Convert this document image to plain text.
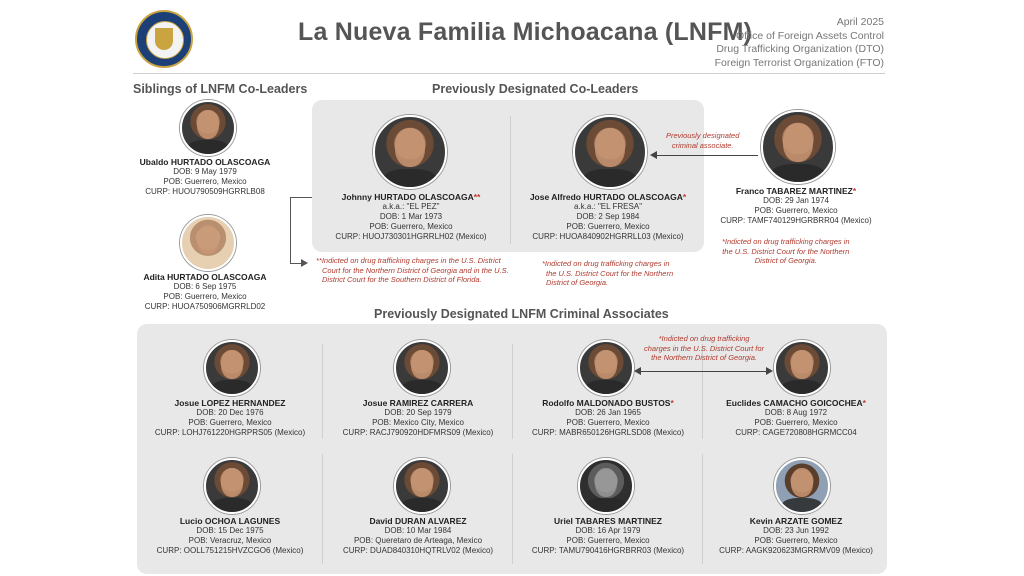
La Nueva Familia Michoacana (LNFM)	April 2025
Office of Foreign Assets Control
Drug Trafficking Organization (DTO)
Foreign Terrorist Organization (FTO)
Siblings of LNFM Co-Leaders	Previously Designated Co-Leaders
Previously Designated LNFM Criminal Associates
Ubaldo HURTADO OLASCOAGA
DOB: 9 May 1979
POB: Guerrero, Mexico
CURP: HUOU790509HGRRLB08
Adita HURTADO OLASCOAGA
DOB: 6 Sep 1975
POB: Guerrero, Mexico
CURP: HUOA750906MGRRLD02
Johnny HURTADO OLASCOAGA**
a.k.a.: "EL PEZ"
DOB: 1 Mar 1973
POB: Guerrero, Mexico
CURP: HUOJ730301HGRRLH02 (Mexico)
Jose Alfredo HURTADO OLASCOAGA*
a.k.a.: "EL FRESA"
DOB: 2 Sep 1984
POB: Guerrero, Mexico
CURP: HUOA840902HGRRLL03 (Mexico)
**Indicted on drug trafficking charges in the U.S. District
Court for the Northern District of Georgia and in the U.S.
District Court for the Southern District of Florida.
*Indicted on drug trafficking charges in
the U.S. District Court for the Northern
District of Georgia.
Previously designated
criminal associate.
Franco TABAREZ MARTINEZ*
DOB: 29 Jan 1974
POB: Guerrero, Mexico
CURP: TAMF740129HGRBRR04 (Mexico)
*Indicted on drug trafficking charges in
the U.S. District Court for the Northern
District of Georgia.
Josue LOPEZ HERNANDEZ
DOB: 20 Dec 1976
POB: Guerrero, Mexico
CURP: LOHJ761220HGRPRS05 (Mexico)
Josue RAMIREZ CARRERA
DOB: 20 Sep 1979
POB: Mexico City, Mexico
CURP: RACJ790920HDFMRS09 (Mexico)
Rodolfo MALDONADO BUSTOS*
DOB: 26 Jan 1965
POB: Guerrero, Mexico
CURP: MABR650126HGRLSD08 (Mexico)
*Indicted on drug trafficking
charges in the U.S. District Court for
the Northern District of Georgia.
Euclides CAMACHO GOICOCHEA*
DOB: 8 Aug 1972
POB: Guerrero, Mexico
CURP: CAGE720808HGRMCC04
Lucio OCHOA LAGUNES
DOB: 15 Dec 1975
POB: Veracruz, Mexico
CURP: OOLL751215HVZCGO6 (Mexico)
David DURAN ALVAREZ
DOB: 10 Mar 1984
POB: Queretaro de Arteaga, Mexico
CURP: DUAD840310HQTRLV02 (Mexico)
Uriel TABARES MARTINEZ
DOB: 16 Apr 1979
POB: Guerrero, Mexico
CURP: TAMU790416HGRBRR03 (Mexico)
Kevin ARZATE GOMEZ
DOB: 23 Jun 1992
POB: Guerrero, Mexico
CURP: AAGK920623MGRRMV09 (Mexico)
